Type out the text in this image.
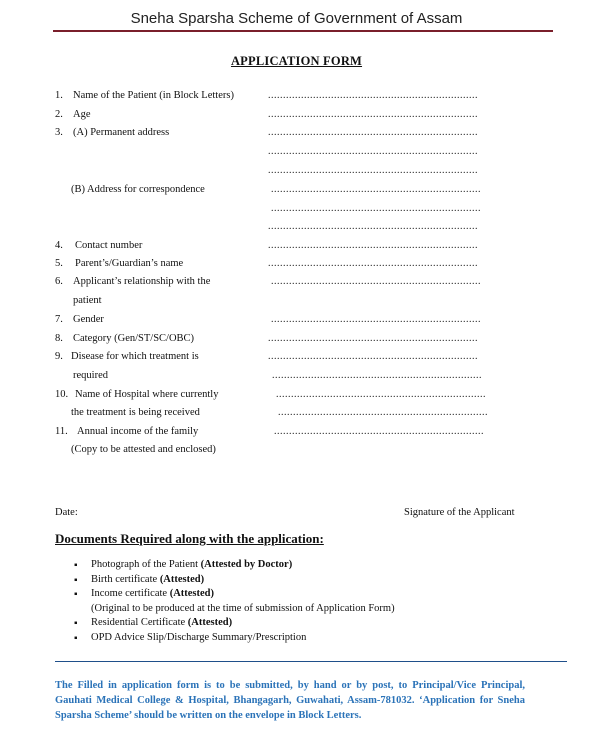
Sneha Sparsha Scheme of Government of Assam
APPLICATION FORM
1. Name of the Patient (in Block Letters)	......................................................................
2. Age	......................................................................
3. (A) Permanent address	......................................................................
......................................................................
......................................................................
(B) Address for correspondence	......................................................................
......................................................................
......................................................................
4. Contact number	......................................................................
5. Parent’s/Guardian’s name	......................................................................
6. Applicant’s relationship with the	......................................................................
patient
7. Gender	......................................................................
8. Category (Gen/ST/SC/OBC)	......................................................................
9. Disease for which treatment is	......................................................................
required	......................................................................
10. Name of Hospital where currently	......................................................................
the treatment is being received	......................................................................
11. Annual income of the family	......................................................................
(Copy to be attested and enclosed)
Date:	Signature of the Applicant
Documents Required along with the application:
▪ Photograph of the Patient (Attested by Doctor)
▪ Birth certificate (Attested)
▪ Income certificate (Attested)
(Original to be produced at the time of submission of Application Form)
▪ Residential Certificate (Attested)
▪ OPD Advice Slip/Discharge Summary/Prescription
The Filled in application form is to be submitted, by hand or by post, to Principal/Vice Principal, Gauhati Medical College & Hospital, Bhangagarh, Guwahati, Assam-781032. ‘Application for Sneha Sparsha Scheme’ should be written on the envelope in Block Letters.
